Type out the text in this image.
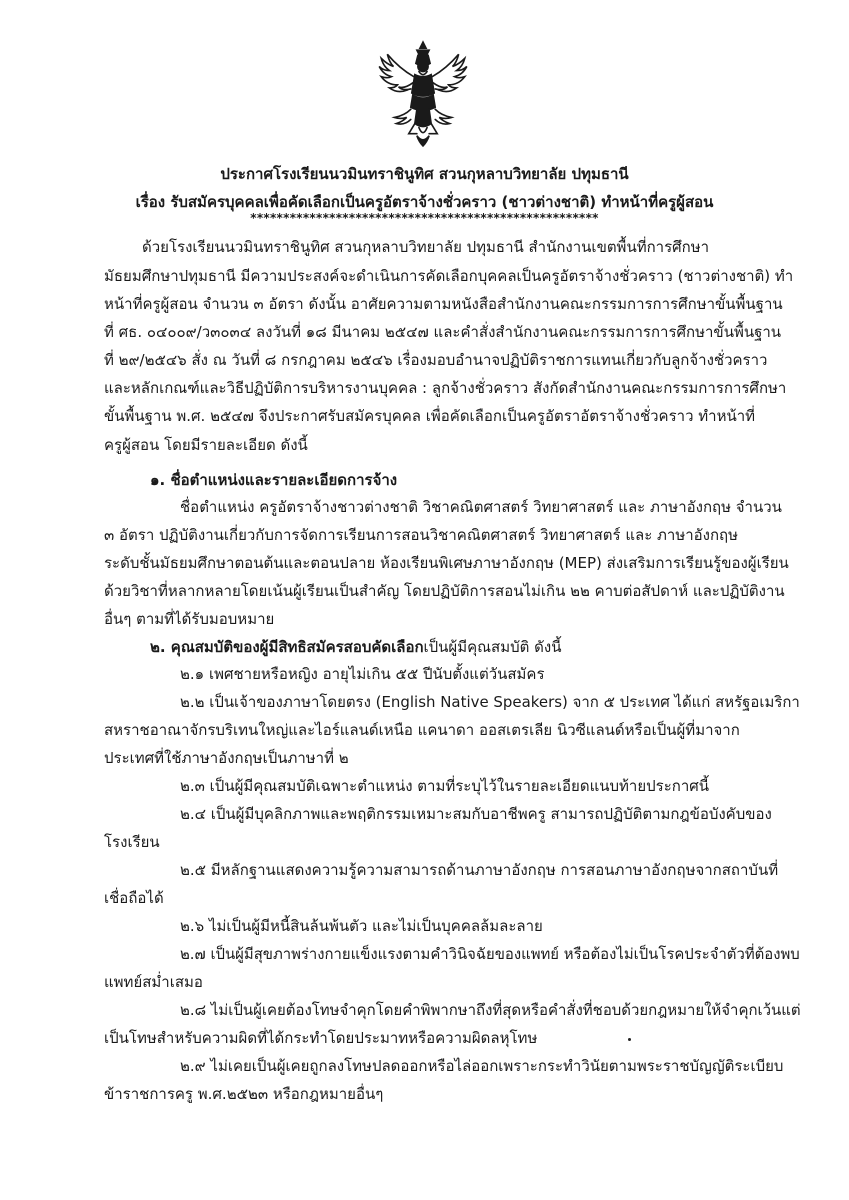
ประกาศโรงเรียนนวมินทราชินูทิศ สวนกุหลาบวิทยาลัย ปทุมธานี
เรื่อง รับสมัครบุคคลเพื่อคัดเลือกเป็นครูอัตราจ้างชั่วคราว (ชาวต่างชาติ) ทำหน้าที่ครูผู้สอน
*****************************************************
ด้วยโรงเรียนนวมินทราชินูทิศ สวนกุหลาบวิทยาลัย ปทุมธานี สำนักงานเขตพื้นที่การศึกษา
มัธยมศึกษาปทุมธานี มีความประสงค์จะดำเนินการคัดเลือกบุคคลเป็นครูอัตราจ้างชั่วคราว (ชาวต่างชาติ) ทำ
หน้าที่ครูผู้สอน จำนวน ๓ อัตรา ดังนั้น อาศัยความตามหนังสือสำนักงานคณะกรรมการการศึกษาขั้นพื้นฐาน
ที่ ศธ. ๐๔๐๐๙/ว๓๐๓๔ ลงวันที่ ๑๘ มีนาคม ๒๕๔๗ และคำสั่งสำนักงานคณะกรรมการการศึกษาขั้นพื้นฐาน
ที่ ๒๙/๒๕๔๖ สั่ง ณ วันที่ ๘ กรกฎาคม ๒๕๔๖ เรื่องมอบอำนาจปฏิบัติราชการแทนเกี่ยวกับลูกจ้างชั่วคราว
และหลักเกณฑ์และวิธีปฏิบัติการบริหารงานบุคคล : ลูกจ้างชั่วคราว สังกัดสำนักงานคณะกรรมการการศึกษา
ขั้นพื้นฐาน พ.ศ. ๒๕๔๗ จึงประกาศรับสมัครบุคคล เพื่อคัดเลือกเป็นครูอัตราอัตราจ้างชั่วคราว ทำหน้าที่
ครูผู้สอน โดยมีรายละเอียด ดังนี้
๑. ชื่อตำแหน่งและรายละเอียดการจ้าง
ชื่อตำแหน่ง ครูอัตราจ้างชาวต่างชาติ วิชาคณิตศาสตร์ วิทยาศาสตร์ และ ภาษาอังกฤษ จำนวน
๓ อัตรา ปฏิบัติงานเกี่ยวกับการจัดการเรียนการสอนวิชาคณิตศาสตร์ วิทยาศาสตร์ และ ภาษาอังกฤษ
ระดับชั้นมัธยมศึกษาตอนต้นและตอนปลาย ห้องเรียนพิเศษภาษาอังกฤษ (MEP) ส่งเสริมการเรียนรู้ของผู้เรียน
ด้วยวิชาที่หลากหลายโดยเน้นผู้เรียนเป็นสำคัญ โดยปฏิบัติการสอนไม่เกิน ๒๒ คาบต่อสัปดาห์ และปฏิบัติงาน
อื่นๆ ตามที่ได้รับมอบหมาย
๒. คุณสมบัติของผู้มีสิทธิสมัครสอบคัดเลือกเป็นผู้มีคุณสมบัติ ดังนี้
๒.๑ เพศชายหรือหญิง อายุไม่เกิน ๕๕ ปีนับตั้งแต่วันสมัคร
๒.๒ เป็นเจ้าของภาษาโดยตรง (English Native Speakers) จาก ๕ ประเทศ ได้แก่ สหรัฐอเมริกา
สหราชอาณาจักรบริเทนใหญ่และไอร์แลนด์เหนือ แคนาดา ออสเตรเลีย นิวซีแลนด์หรือเป็นผู้ที่มาจาก
ประเทศที่ใช้ภาษาอังกฤษเป็นภาษาที่ ๒
๒.๓ เป็นผู้มีคุณสมบัติเฉพาะตำแหน่ง ตามที่ระบุไว้ในรายละเอียดแนบท้ายประกาศนี้
๒.๔ เป็นผู้มีบุคลิกภาพและพฤติกรรมเหมาะสมกับอาชีพครู สามารถปฏิบัติตามกฎข้อบังคับของ
โรงเรียน
๒.๕ มีหลักฐานแสดงความรู้ความสามารถด้านภาษาอังกฤษ การสอนภาษาอังกฤษจากสถาบันที่
เชื่อถือได้
๒.๖ ไม่เป็นผู้มีหนี้สินล้นพ้นตัว และไม่เป็นบุคคลล้มละลาย
๒.๗ เป็นผู้มีสุขภาพร่างกายแข็งแรงตามคำวินิจฉัยของแพทย์ หรือต้องไม่เป็นโรคประจำตัวที่ต้องพบ
แพทย์สม่ำเสมอ
๒.๘ ไม่เป็นผู้เคยต้องโทษจำคุกโดยคำพิพากษาถึงที่สุดหรือคำสั่งที่ชอบด้วยกฎหมายให้จำคุกเว้นแต่
เป็นโทษสำหรับความผิดที่ได้กระทำโดยประมาทหรือความผิดลหุโทษ
๒.๙ ไม่เคยเป็นผู้เคยถูกลงโทษปลดออกหรือไล่ออกเพราะกระทำวินัยตามพระราชบัญญัติระเบียบ
ข้าราชการครู พ.ศ.๒๕๒๓ หรือกฎหมายอื่นๆ
